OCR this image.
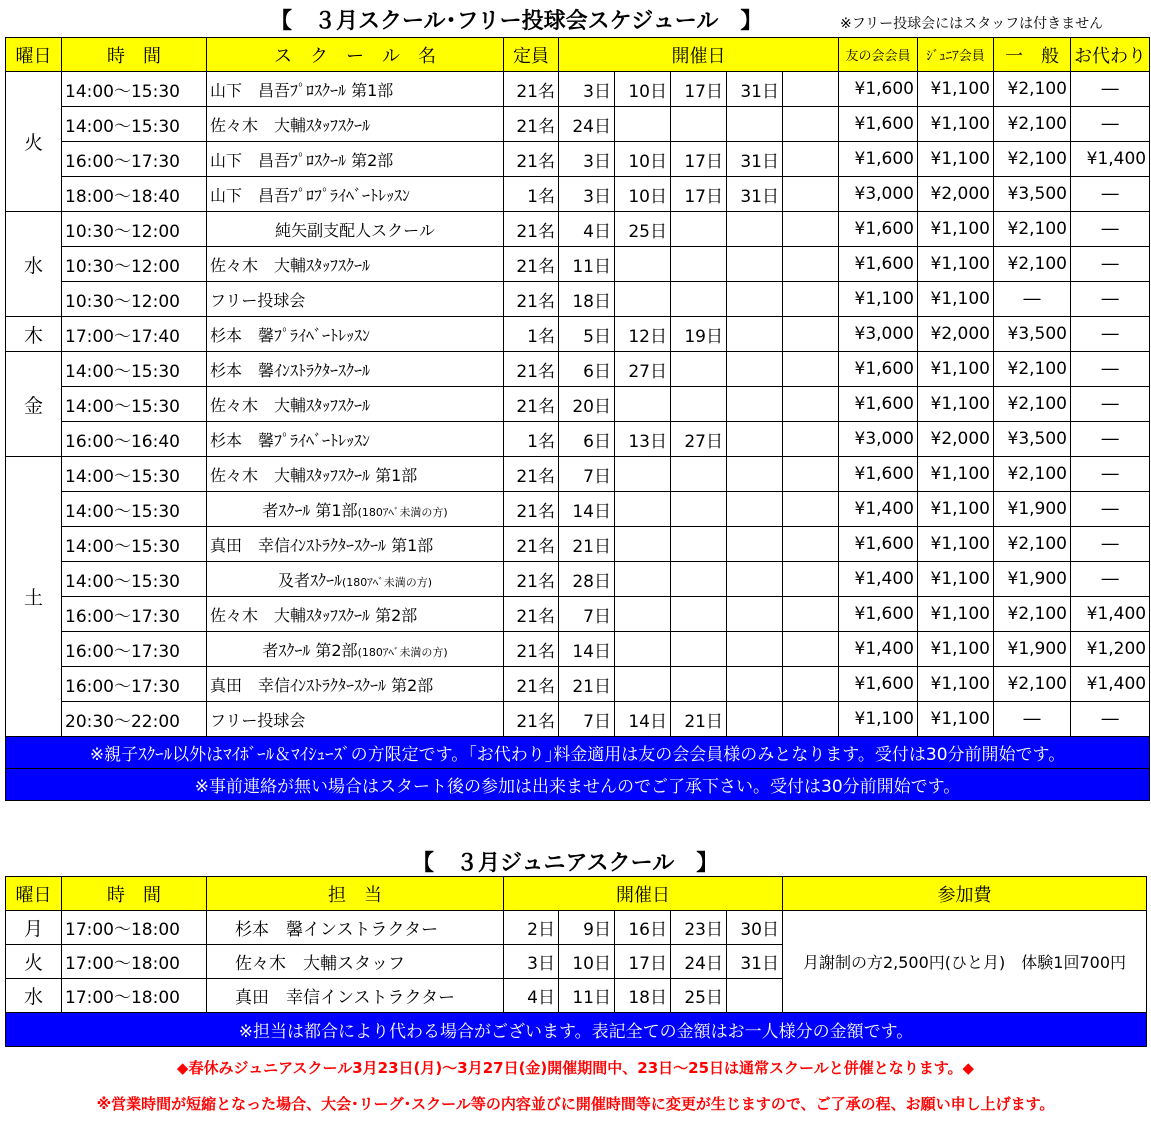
【　３月スクール･フリー投球会スケジュール　】	※フリー投球会にはスタッフは付きません
曜日	時　間	ス　ク　ー　ル　名	定員	開催日					友の会会員	ｼﾞｭﾆｱ会員	一　般	お代わり
火	14:00～15:30	山下　昌吾ﾌﾟﾛｽｸｰﾙ 第1部	21名	3日	10日	17日	31日		¥1,600	¥1,100	¥2,100	―
	14:00～15:30	佐々木　大輔ｽﾀｯﾌｽｸｰﾙ	21名	24日					¥1,600	¥1,100	¥2,100	―
	16:00～17:30	山下　昌吾ﾌﾟﾛｽｸｰﾙ 第2部	21名	3日	10日	17日	31日		¥1,600	¥1,100	¥2,100	¥1,400
	18:00～18:40	山下　昌吾ﾌﾟﾛﾌﾟﾗｲﾍﾞｰﾄﾚｯｽﾝ	1名	3日	10日	17日	31日		¥3,000	¥2,000	¥3,500	―
水	10:30～12:00	純矢副支配人スクール	21名	4日	25日				¥1,600	¥1,100	¥2,100	―
	10:30～12:00	佐々木　大輔ｽﾀｯﾌｽｸｰﾙ	21名	11日					¥1,600	¥1,100	¥2,100	―
	10:30～12:00	フリー投球会	21名	18日					¥1,100	¥1,100	―	―
木	17:00～17:40	杉本　馨ﾌﾟﾗｲﾍﾞｰﾄﾚｯｽﾝ	1名	5日	12日	19日			¥3,000	¥2,000	¥3,500	―
金	14:00～15:30	杉本　馨ｲﾝｽﾄﾗｸﾀｰｽｸｰﾙ	21名	6日	27日				¥1,600	¥1,100	¥2,100	―
	14:00～15:30	佐々木　大輔ｽﾀｯﾌｽｸｰﾙ	21名	20日					¥1,600	¥1,100	¥2,100	―
	16:00～16:40	杉本　馨ﾌﾟﾗｲﾍﾞｰﾄﾚｯｽﾝ	1名	6日	13日	27日			¥3,000	¥2,000	¥3,500	―
土	14:00～15:30	佐々木　大輔ｽﾀｯﾌｽｸｰﾙ 第1部	21名	7日					¥1,600	¥1,100	¥2,100	―
	14:00～15:30	者ｽｸｰﾙ 第1部(180ｱﾍﾞ未満の方)	21名	14日					¥1,400	¥1,100	¥1,900	―
	14:00～15:30	真田　幸信ｲﾝｽﾄﾗｸﾀｰｽｸｰﾙ 第1部	21名	21日					¥1,600	¥1,100	¥2,100	―
	14:00～15:30	及者ｽｸｰﾙ(180ｱﾍﾞ未満の方)	21名	28日					¥1,400	¥1,100	¥1,900	―
	16:00～17:30	佐々木　大輔ｽﾀｯﾌｽｸｰﾙ 第2部	21名	7日					¥1,600	¥1,100	¥2,100	¥1,400
	16:00～17:30	者ｽｸｰﾙ 第2部(180ｱﾍﾞ未満の方)	21名	14日					¥1,400	¥1,100	¥1,900	¥1,200
	16:00～17:30	真田　幸信ｲﾝｽﾄﾗｸﾀｰｽｸｰﾙ 第2部	21名	21日					¥1,600	¥1,100	¥2,100	¥1,400
	20:30～22:00	フリー投球会	21名	7日	14日	21日			¥1,100	¥1,100	―	―
※親子ｽｸｰﾙ以外はﾏｲﾎﾞｰﾙ＆ﾏｲｼｭｰｽﾞの方限定です。｢お代わり｣料金適用は友の会会員様のみとなります。受付は30分前開始です。												
※事前連絡が無い場合はスタート後の参加は出来ませんのでご了承下さい。受付は30分前開始です。												
【　３月ジュニアスクール　】
曜日	時　間	担　当	開催日					参加費
月	17:00～18:00	杉本　馨インストラクター	2日	9日	16日	23日	30日	月謝制の方2,500円(ひと月)　体験1回700円
火	17:00～18:00	佐々木　大輔スタッフ	3日	10日	17日	24日	31日	
水	17:00～18:00	真田　幸信インストラクター	4日	11日	18日	25日		
※担当は都合により代わる場合がございます。表記全ての金額はお一人様分の金額です。								
◆春休みジュニアスクール3月23日(月)～3月27日(金)開催期間中、23日～25日は通常スクールと併催となります。◆
※営業時間が短縮となった場合、大会･リーグ･スクール等の内容並びに開催時間等に変更が生じますので、ご了承の程、お願い申し上げます。
